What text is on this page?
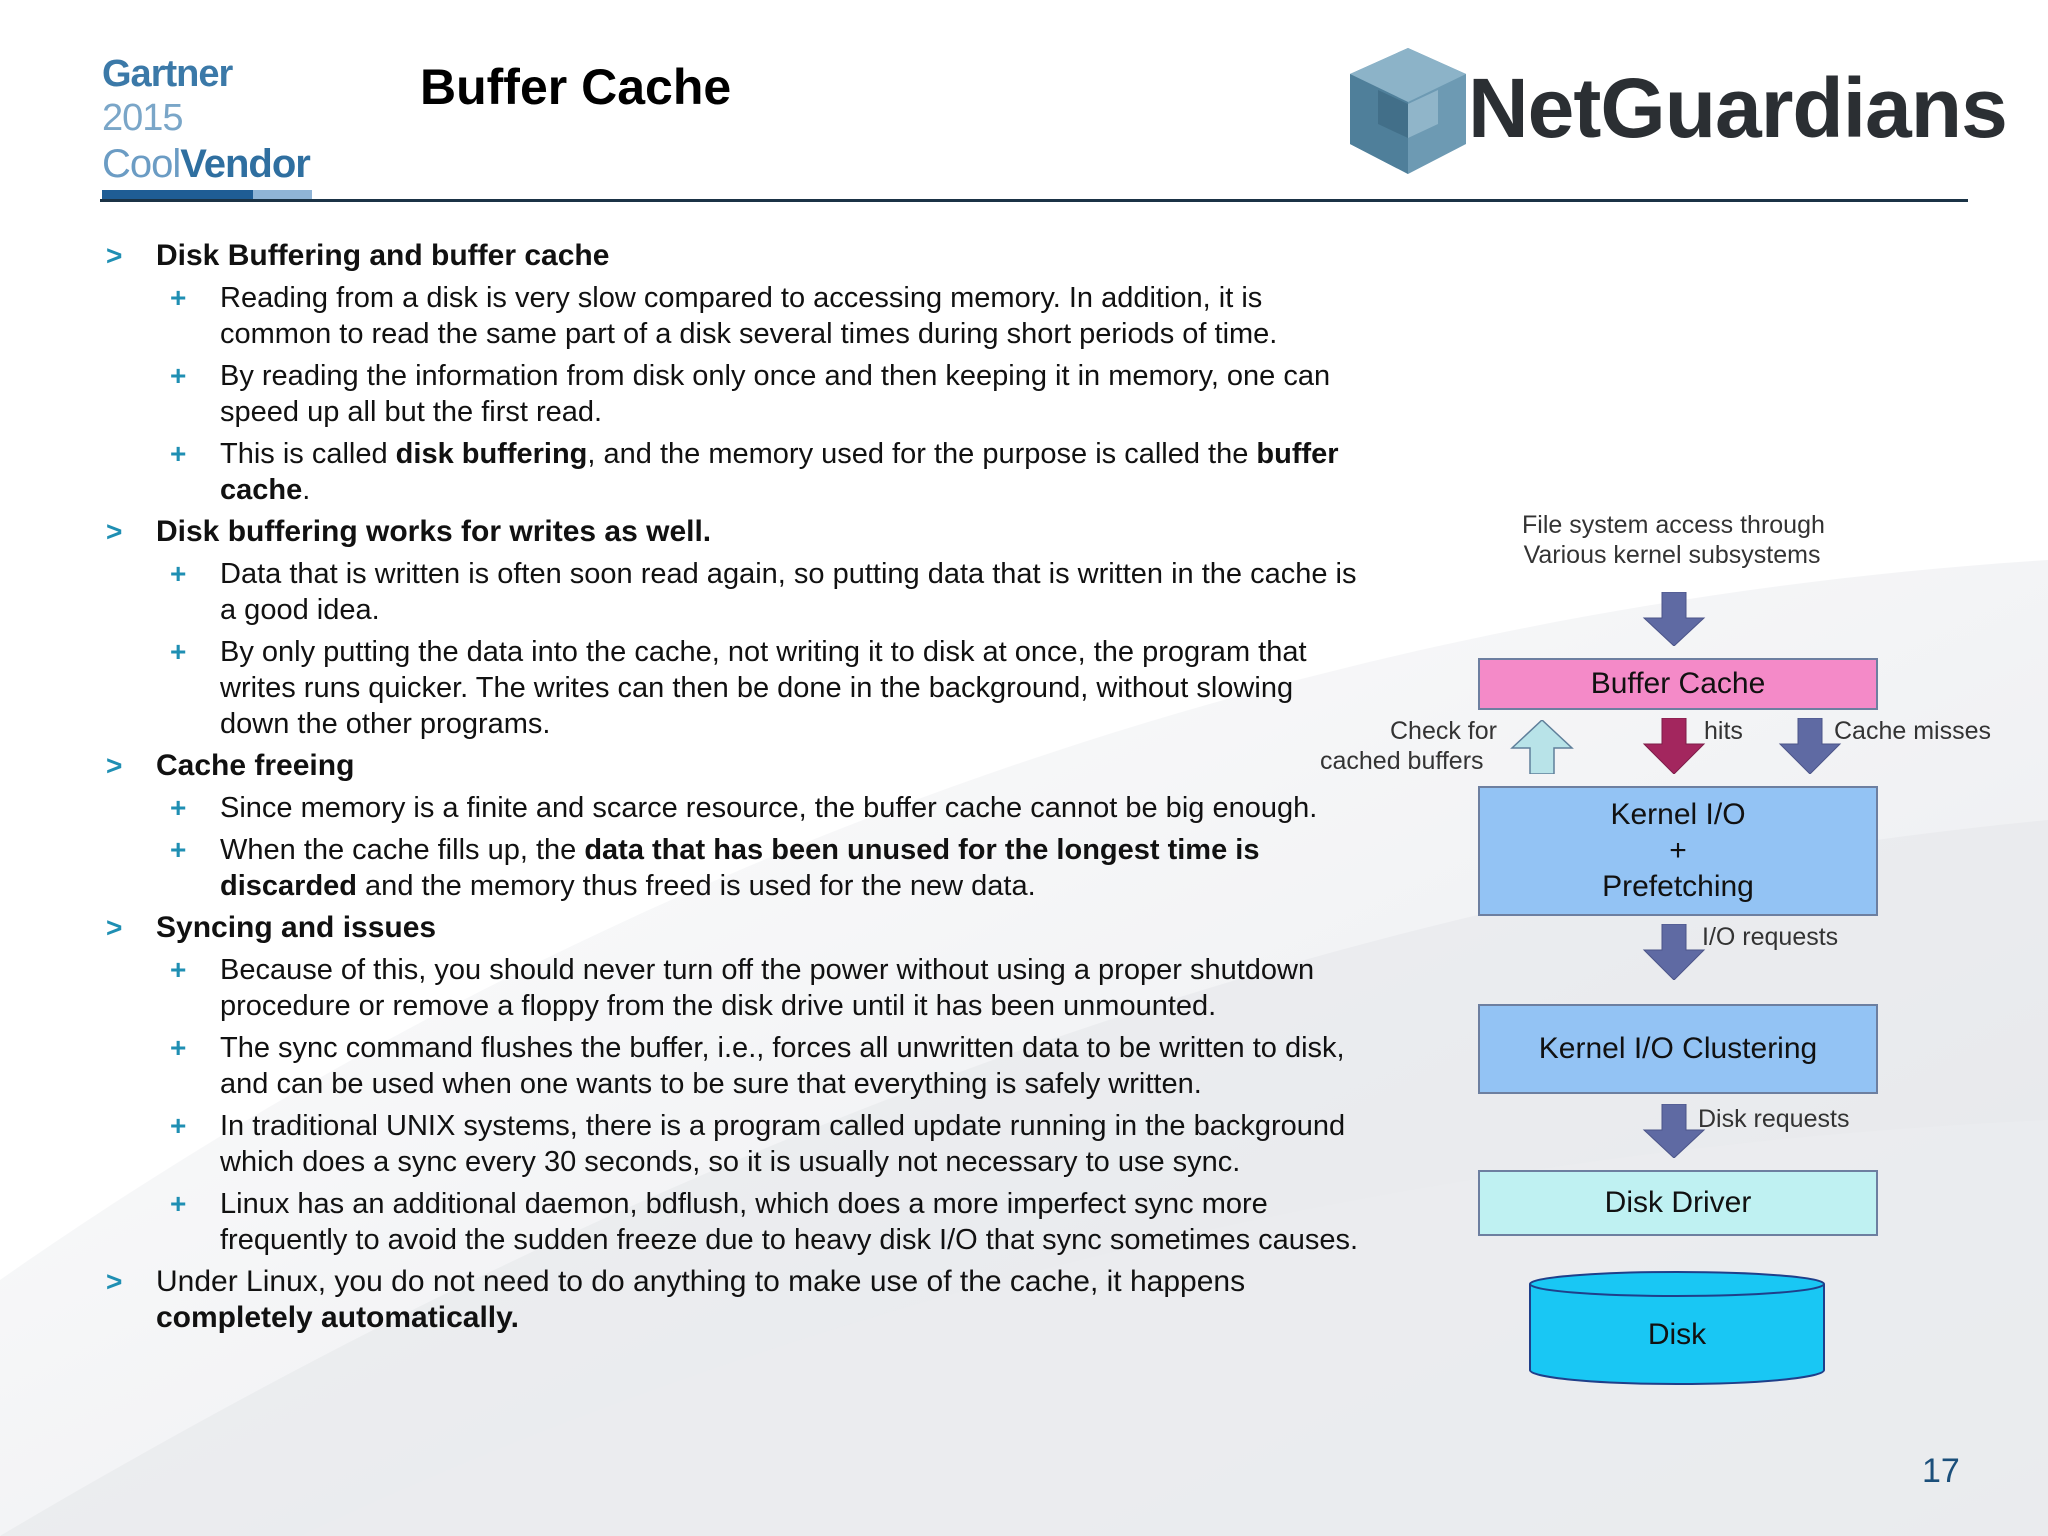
Gartner 2015
CoolVendor
Buffer Cache	NetGuardians
> Disk Buffering and buffer cache
+ Reading from a disk is very slow compared to accessing memory. In addition, it is common to read the same part of a disk several times during short periods of time.
+ By reading the information from disk only once and then keeping it in memory, one can speed up all but the first read.
+ This is called disk buffering, and the memory used for the purpose is called the buffer cache.
> Disk buffering works for writes as well.
+ Data that is written is often soon read again, so putting data that is written in the cache is a good idea.
+ By only putting the data into the cache, not writing it to disk at once, the program that writes runs quicker. The writes can then be done in the background, without slowing down the other programs.
> Cache freeing
+ Since memory is a finite and scarce resource, the buffer cache cannot be big enough.
+ When the cache fills up, the data that has been unused for the longest time is discarded and the memory thus freed is used for the new data.
> Syncing and issues
+ Because of this, you should never turn off the power without using a proper shutdown procedure or remove a floppy from the disk drive until it has been unmounted.
+ The sync command flushes the buffer, i.e., forces all unwritten data to be written to disk, and can be used when one wants to be sure that everything is safely written.
+ In traditional UNIX systems, there is a program called update running in the background which does a sync every 30 seconds, so it is usually not necessary to use sync.
+ Linux has an additional daemon, bdflush, which does a more imperfect sync more frequently to avoid the sudden freeze due to heavy disk I/O that sync sometimes causes.
> Under Linux, you do not need to do anything to make use of the cache, it happens completely automatically.
File system access through
Various kernel subsystems
Buffer Cache
Check for
cached buffers
hits	Cache misses
Kernel I/O
+
Prefetching
I/O requests
Kernel I/O Clustering
Disk requests
Disk Driver
Disk
17
